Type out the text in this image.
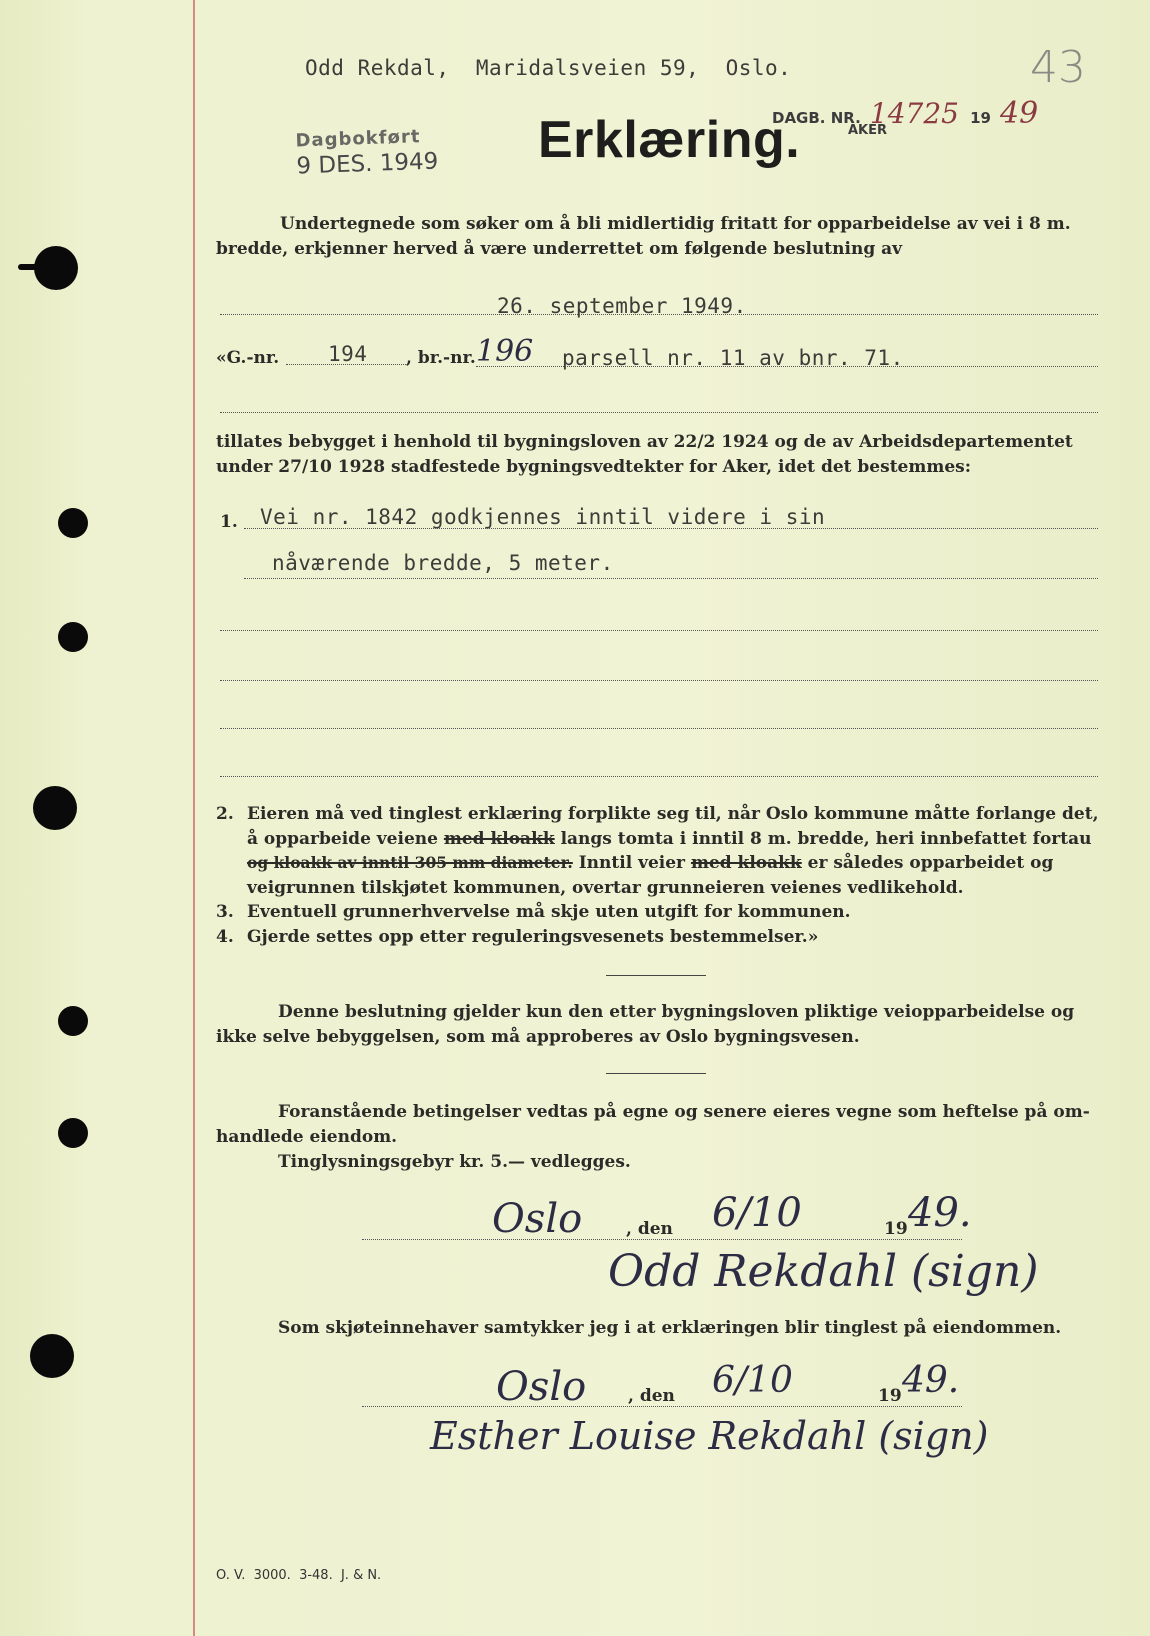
Odd Rekdal,  Maridalsveien 59,  Oslo.	43
Dagbokført
9 DES. 1949 Erklæring.
DAGB. NR. 14725 19 49
AKER
Undertegnede som søker om å bli midlertidig fritatt for opparbeidelse av vei i 8 m.
bredde, erkjenner herved å være underrettet om følgende beslutning av
26. september 1949.
«G.-nr. 194 , br.-nr. 196 parsell nr. 11 av bnr. 71.
tillates bebygget i henhold til bygningsloven av 22/2 1924 og de av Arbeidsdepartementet
under 27/10 1928 stadfestede bygningsvedtekter for Aker, idet det bestemmes:
1. Vei nr. 1842 godkjennes inntil videre i sin
nåværende bredde, 5 meter.
2. Eieren må ved tinglest erklæring forplikte seg til, når Oslo kommune måtte forlange det,
å opparbeide veiene med kloakk langs tomta i inntil 8 m. bredde, heri innbefattet fortau
og kloakk av inntil 305 mm diameter. Inntil veier med kloakk er således opparbeidet og
veigrunnen tilskjøtet kommunen, overtar grunneieren veienes vedlikehold.
3. Eventuell grunnerhvervelse må skje uten utgift for kommunen.
4. Gjerde settes opp etter reguleringsvesenets bestemmelser.»
Denne beslutning gjelder kun den etter bygningsloven pliktige veiopparbeidelse og
ikke selve bebyggelsen, som må approberes av Oslo bygningsvesen.
Foranstående betingelser vedtas på egne og senere eieres vegne som heftelse på om-
handlede eiendom.
Tinglysningsgebyr kr. 5.— vedlegges.
Oslo	, den 6/10	19 49.
Odd Rekdahl (sign)
Som skjøteinnehaver samtykker jeg i at erklæringen blir tinglest på eiendommen.
Oslo , den 6/10	19 49.
Esther Louise Rekdahl (sign)
O. V.  3000.  3-48.  J. & N.
